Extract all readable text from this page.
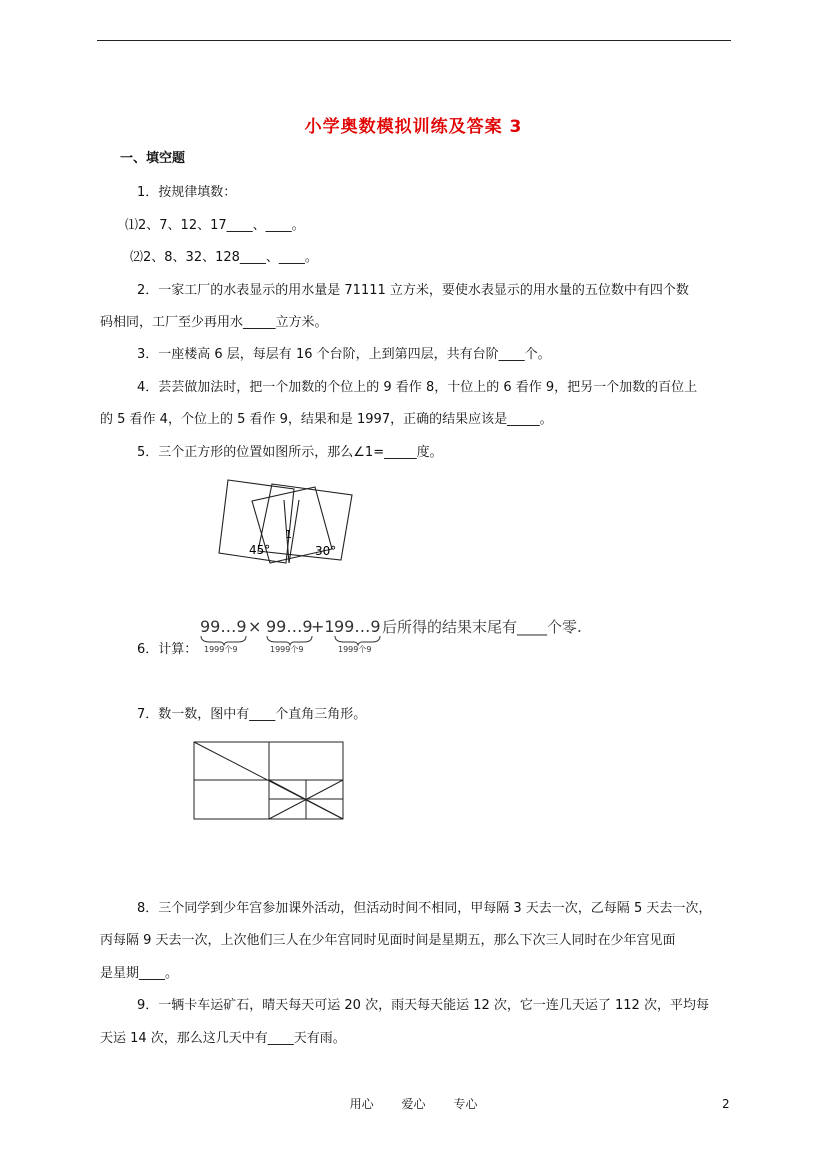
小学奥数模拟训练及答案 3
一、填空题
1．按规律填数：
⑴2、7、12、17____、____。
⑵2、8、32、128____、____。
2．一家工厂的水表显示的用水量是 71111 立方米，要使水表显示的用水量的五位数中有四个数
码相同，工厂至少再用水_____立方米。
3．一座楼高 6 层，每层有 16 个台阶，上到第四层，共有台阶____个。
4．芸芸做加法时，把一个加数的个位上的 9 看作 8，十位上的 6 看作 9，把另一个加数的百位上
的 5 看作 4，个位上的 5 看作 9，结果和是 1997，正确的结果应该是_____。
5．三个正方形的位置如图所示，那么∠1=_____度。
45°	30°
1
6．计算：
99…9 × 99…9
+1 99…9 后所得的结果末尾有____个零.
1999个9	1999个9	1999个9
7．数一数，图中有____个直角三角形。
8．三个同学到少年宫参加课外活动，但活动时间不相同，甲每隔 3 天去一次，乙每隔 5 天去一次，
丙每隔 9 天去一次，上次他们三人在少年宫同时见面时间是星期五，那么下次三人同时在少年宫见面
是星期____。
9．一辆卡车运矿石，晴天每天可运 20 次，雨天每天能运 12 次，它一连几天运了 112 次，平均每
天运 14 次，那么这几天中有____天有雨。
用心 爱心 专心	2
